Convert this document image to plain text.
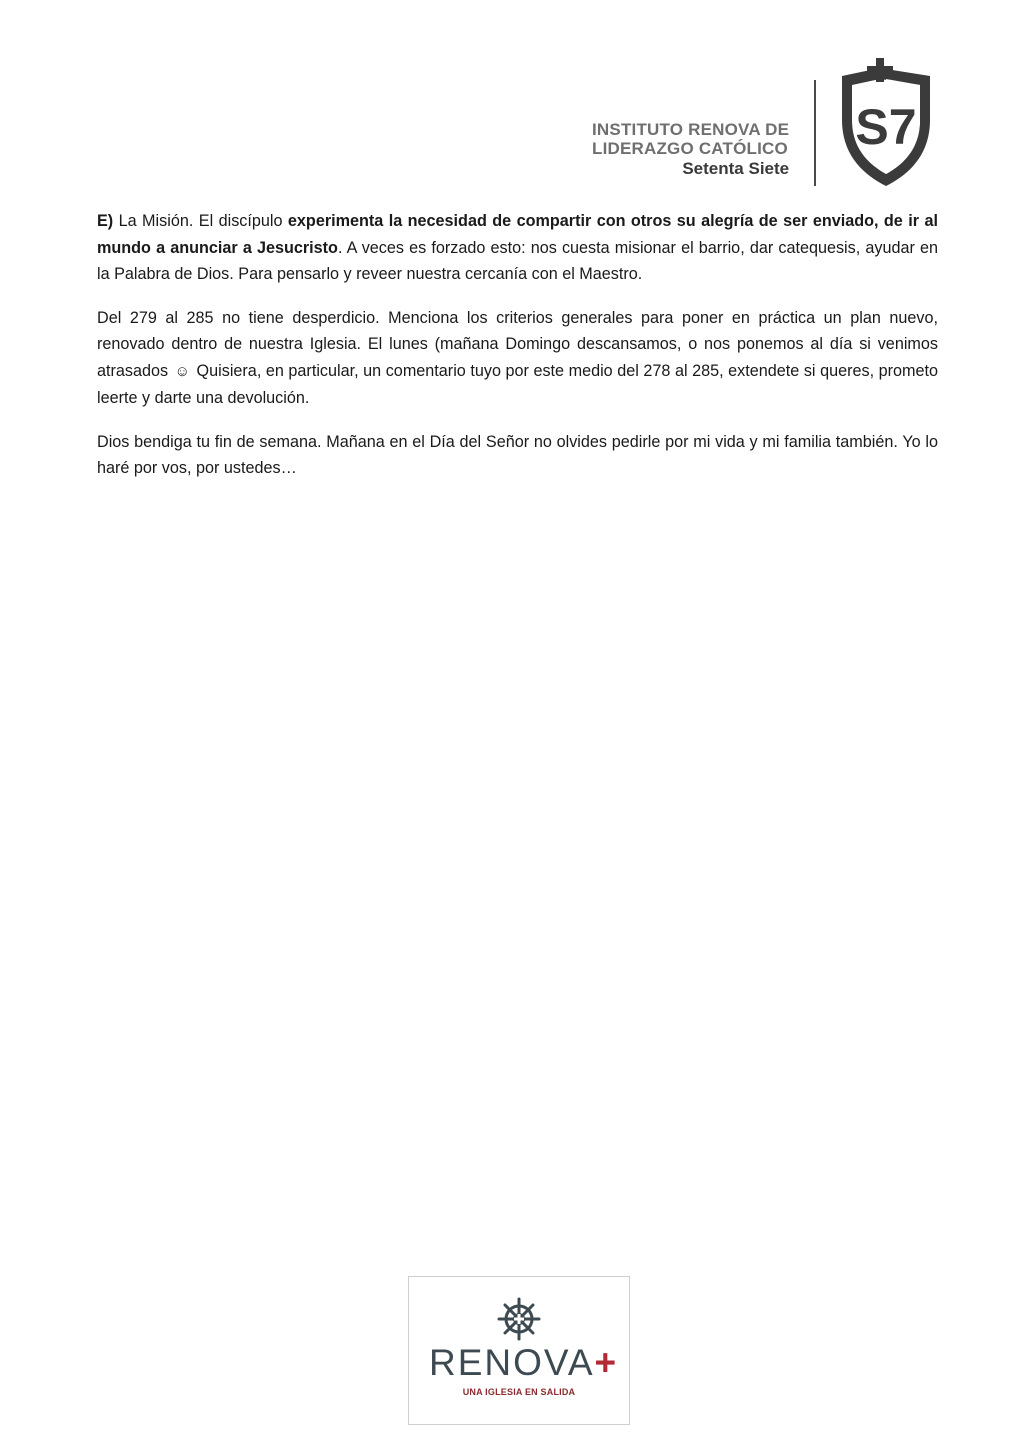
INSTITUTO RENOVA DE
LIDERAZGO CATÓLICO
Setenta Siete
S7

E) La Misión. El discípulo experimenta la necesidad de compartir con otros su alegría de ser enviado, de ir al mundo a anunciar a Jesucristo. A veces es forzado esto: nos cuesta misionar el barrio, dar catequesis, ayudar en la Palabra de Dios. Para pensarlo y reveer nuestra cercanía con el Maestro.

Del 279 al 285 no tiene desperdicio. Menciona los criterios generales para poner en práctica un plan nuevo, renovado dentro de nuestra Iglesia. El lunes (mañana Domingo descansamos, o nos ponemos al día si venimos atrasados ☺ Quisiera, en particular, un comentario tuyo por este medio del 278 al 285, extendete si queres, prometo leerte y darte una devolución.

Dios bendiga tu fin de semana. Mañana en el Día del Señor no olvides pedirle por mi vida y mi familia también. Yo lo haré por vos, por ustedes…

RENOVA+
UNA IGLESIA EN SALIDA
